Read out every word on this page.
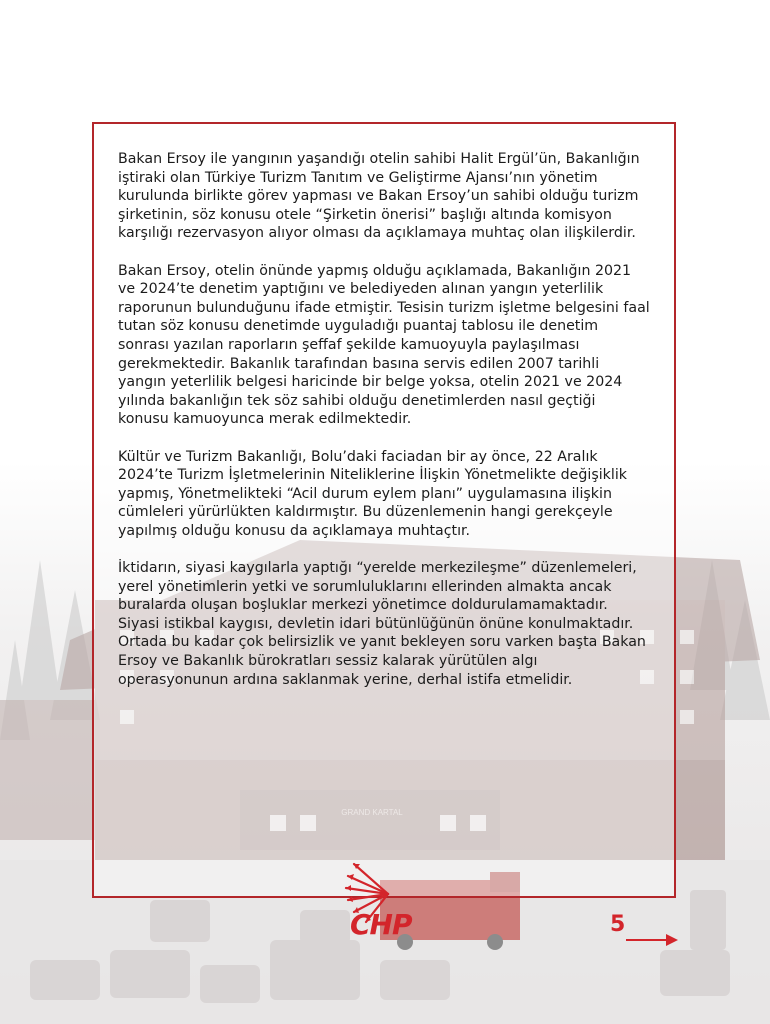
GRAND KARTAL

Bakan Ersoy ile yangının yaşandığı otelin sahibi Halit Ergül’ün, Bakanlığın iştiraki olan Türkiye Turizm Tanıtım ve Geliştirme Ajansı’nın yönetim kurulunda birlikte görev yapması ve Bakan Ersoy’un sahibi olduğu turizm şirketinin, söz konusu otele “Şirketin önerisi” başlığı altında komisyon karşılığı rezervasyon alıyor olması da açıklamaya muhtaç olan ilişkilerdir.

Bakan Ersoy, otelin önünde yapmış olduğu açıklamada, Bakanlığın 2021 ve 2024’te denetim yaptığını ve belediyeden alınan yangın yeterlilik raporunun bulunduğunu ifade etmiştir. Tesisin turizm işletme belgesini faal tutan söz konusu denetimde uyguladığı puantaj tablosu ile denetim sonrası yazılan raporların şeffaf şekilde kamuoyuyla paylaşılması gerekmektedir. Bakanlık tarafından basına servis edilen 2007 tarihli yangın yeterlilik belgesi haricinde bir belge yoksa, otelin 2021 ve 2024 yılında bakanlığın tek söz sahibi olduğu denetimlerden nasıl geçtiği konusu kamuoyunca merak edilmektedir.

Kültür ve Turizm Bakanlığı, Bolu’daki faciadan bir ay önce, 22 Aralık 2024’te Turizm İşletmelerinin Niteliklerine İlişkin Yönetmelikte değişiklik yapmış, Yönetmelikteki “Acil durum eylem planı” uygulamasına ilişkin cümleleri yürürlükten kaldırmıştır. Bu düzenlemenin hangi gerekçeyle yapılmış olduğu konusu da açıklamaya muhtaçtır.

İktidarın, siyasi kaygılarla yaptığı “yerelde merkezileşme” düzenlemeleri, yerel yönetimlerin yetki ve sorumluluklarını ellerinden almakta ancak buralarda oluşan boşluklar merkezi yönetimce doldurulamamaktadır. Siyasi istikbal kaygısı, devletin idari bütünlüğünün önüne konulmaktadır. Ortada bu kadar çok belirsizlik ve yanıt bekleyen soru varken başta Bakan Ersoy ve Bakanlık bürokratları sessiz kalarak yürütülen algı operasyonunun ardına saklanmak yerine, derhal istifa etmelidir.

CHP	5
